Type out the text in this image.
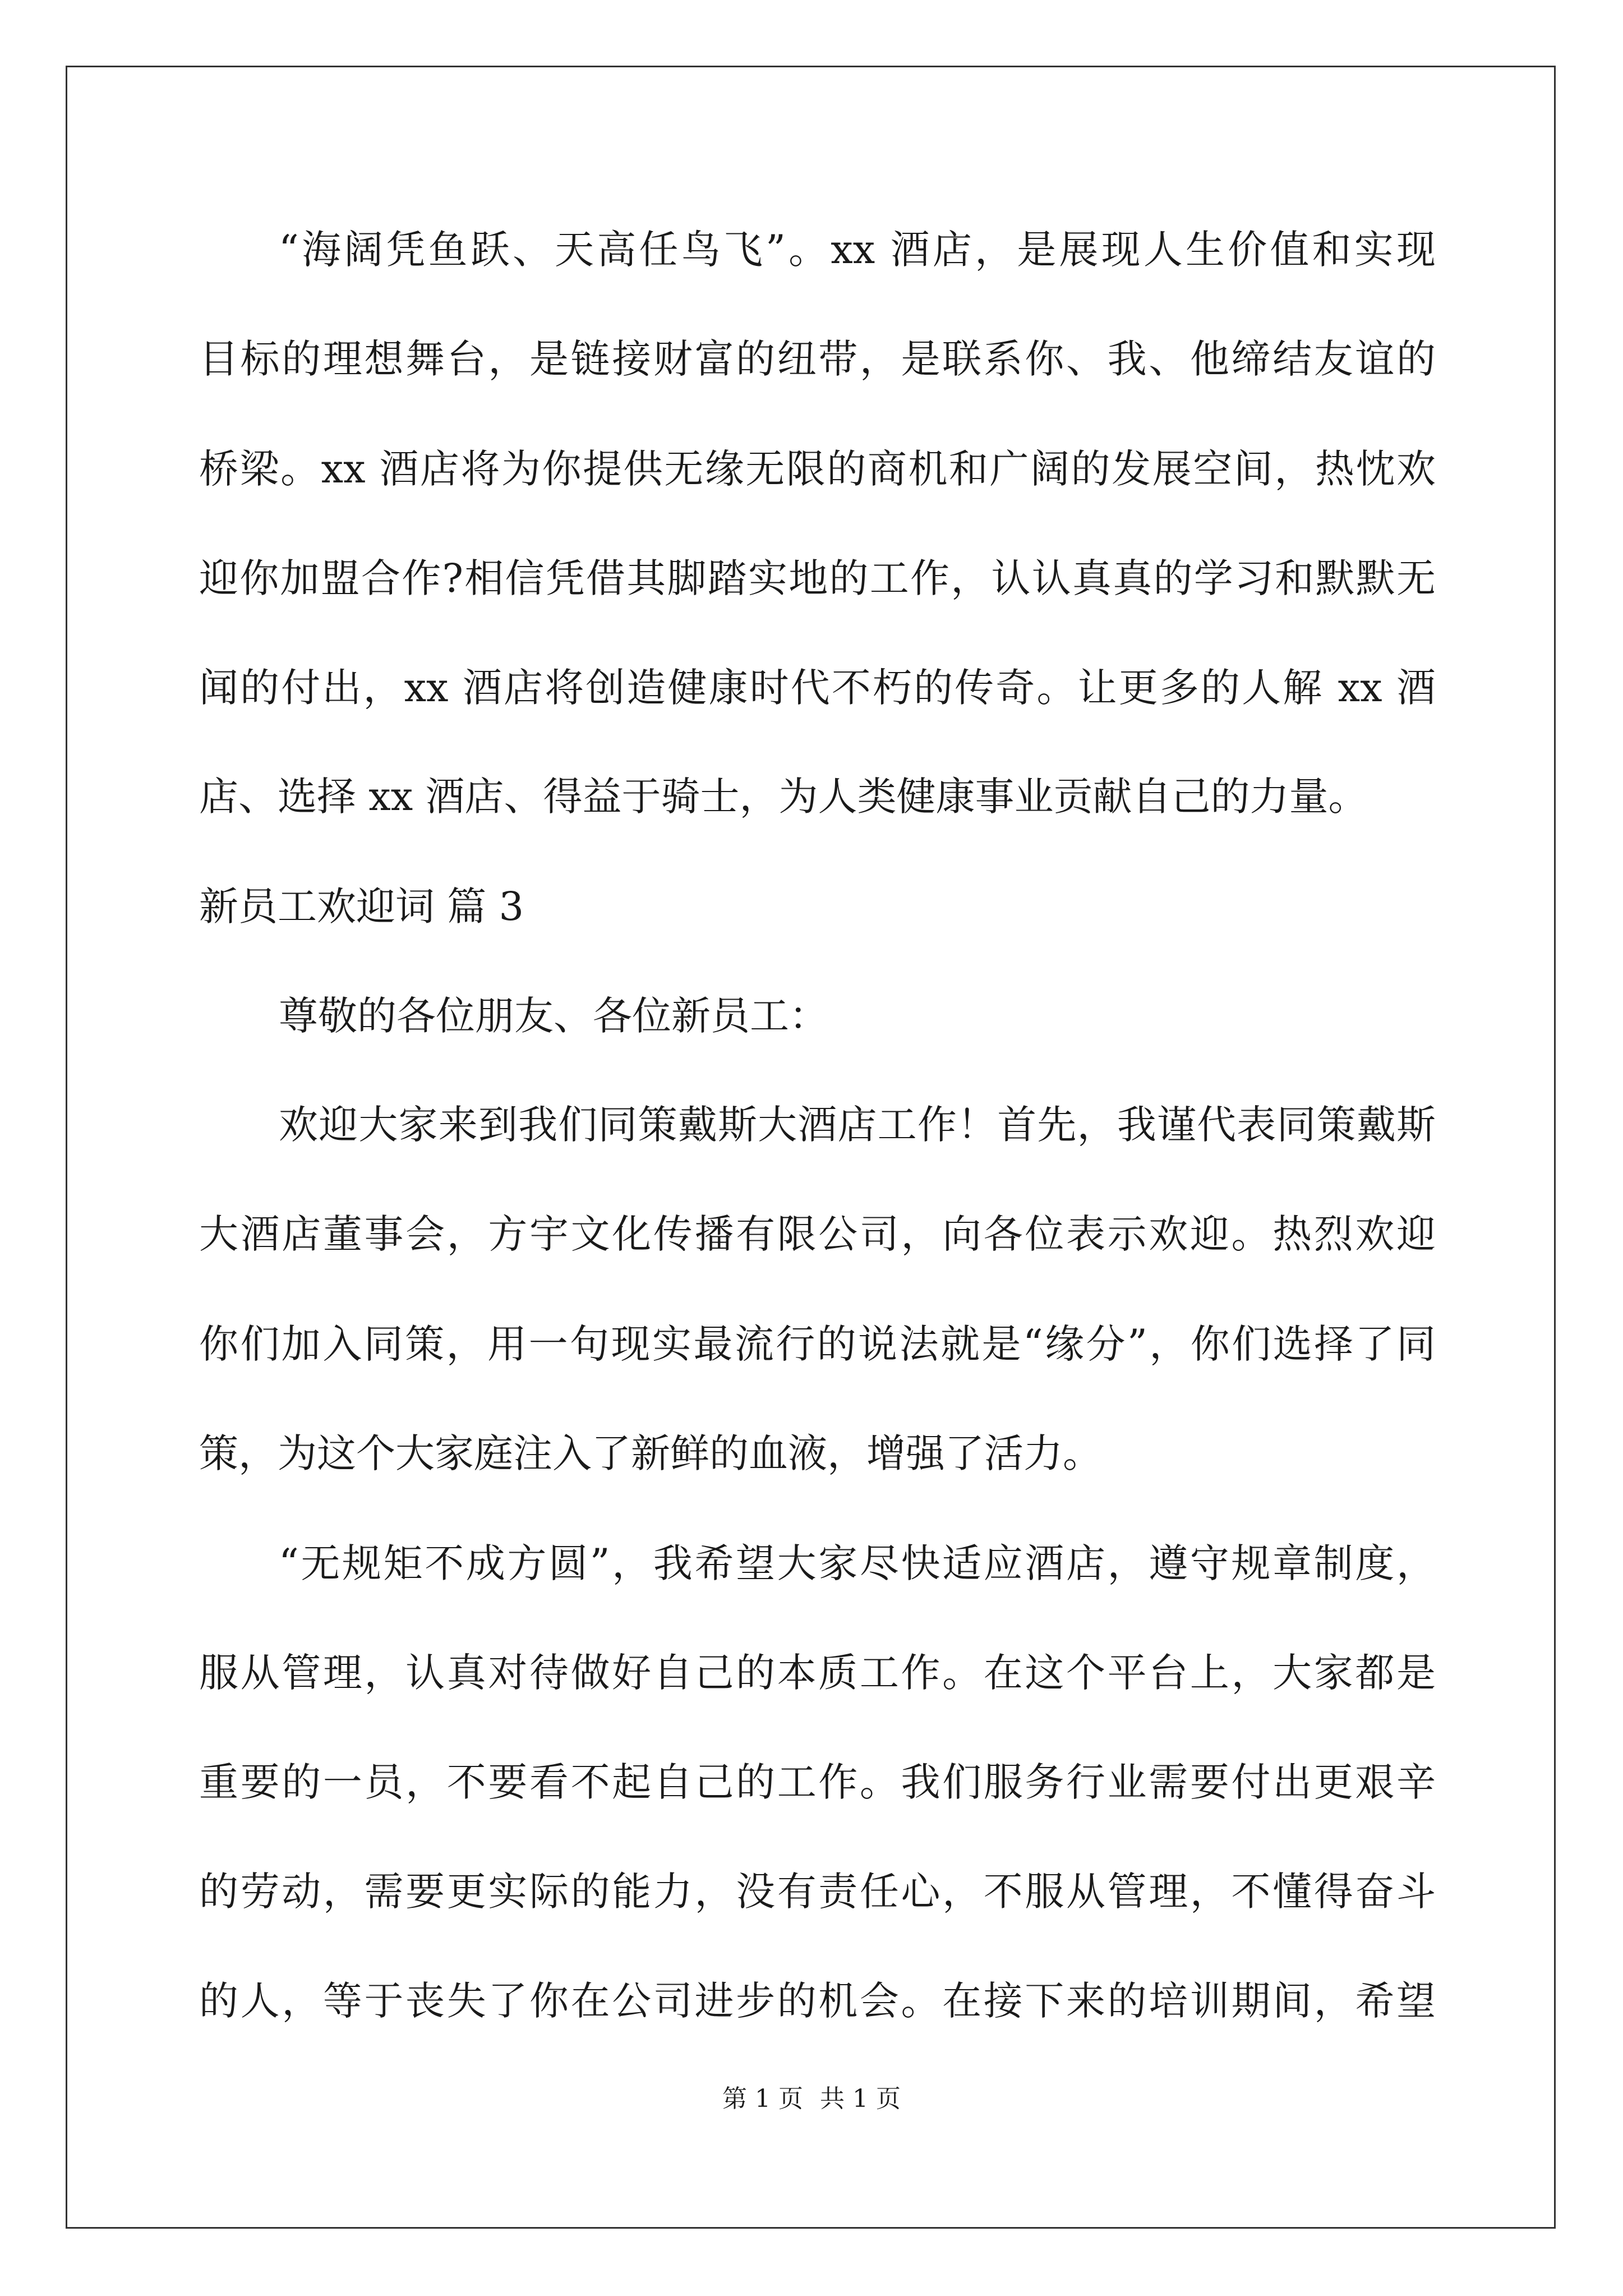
“海阔凭鱼跃、天高任鸟飞”。xx 酒店，是展现人生价值和实现
目标的理想舞台，是链接财富的纽带，是联系你、我、他缔结友谊的
桥梁。xx 酒店将为你提供无缘无限的商机和广阔的发展空间，热忱欢
迎你加盟合作?相信凭借其脚踏实地的工作，认认真真的学习和默默无
闻的付出，xx 酒店将创造健康时代不朽的传奇。让更多的人解 xx 酒
店、选择 xx 酒店、得益于骑士，为人类健康事业贡献自己的力量。
新员工欢迎词 篇 3
尊敬的各位朋友、各位新员工：
欢迎大家来到我们同策戴斯大酒店工作！首先，我谨代表同策戴斯
大酒店董事会，方宇文化传播有限公司，向各位表示欢迎。热烈欢迎
你们加入同策，用一句现实最流行的说法就是“缘分”，你们选择了同
策，为这个大家庭注入了新鲜的血液，增强了活力。
“无规矩不成方圆”，我希望大家尽快适应酒店，遵守规章制度，
服从管理，认真对待做好自己的本质工作。在这个平台上，大家都是
重要的一员，不要看不起自己的工作。我们服务行业需要付出更艰辛
的劳动，需要更实际的能力，没有责任心，不服从管理，不懂得奋斗
的人，等于丧失了你在公司进步的机会。在接下来的培训期间，希望
第 1 页 共 1 页
